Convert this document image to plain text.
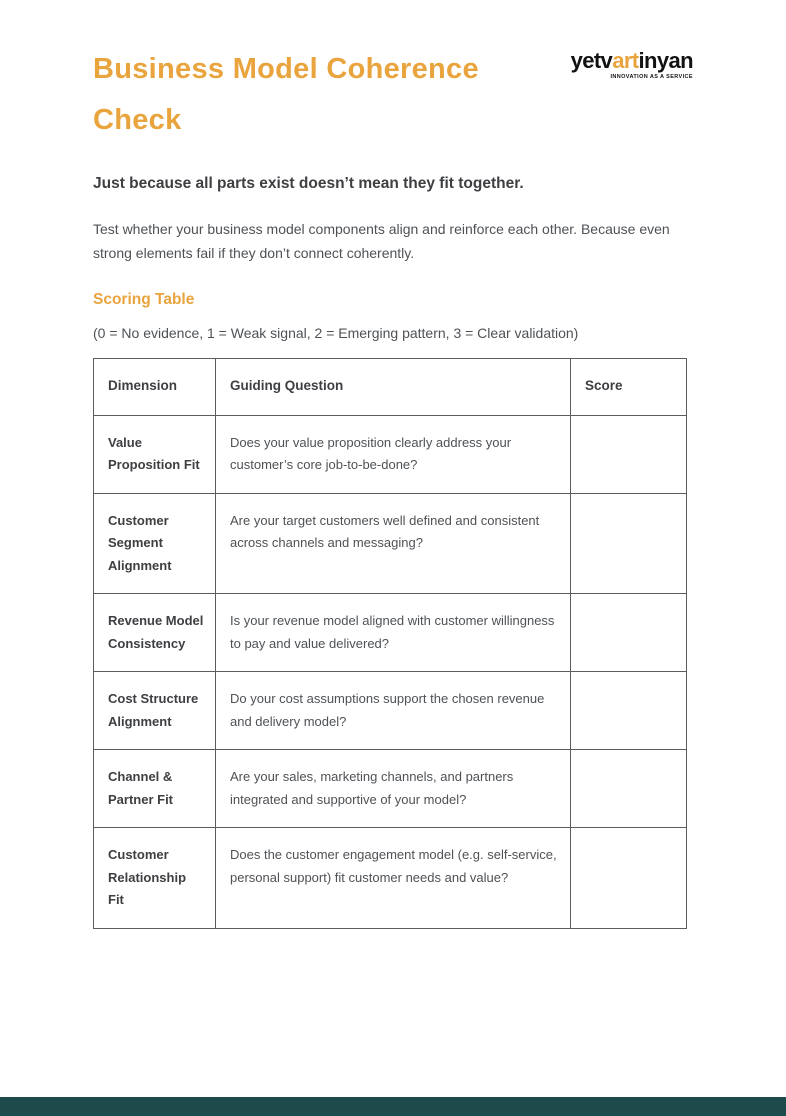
Business Model Coherence Check
yetvartinyan
INNOVATION AS A SERVICE

Just because all parts exist doesn’t mean they fit together.

Test whether your business model components align and reinforce each other. Because even strong elements fail if they don’t connect coherently.

Scoring Table

(0 = No evidence, 1 = Weak signal, 2 = Emerging pattern, 3 = Clear validation)

Dimension	Guiding Question	Score
Value Proposition Fit	Does your value proposition clearly address your customer’s core job-to-be-done?	
Customer Segment Alignment	Are your target customers well defined and consistent across channels and messaging?	
Revenue Model Consistency	Is your revenue model aligned with customer willingness to pay and value delivered?	
Cost Structure Alignment	Do your cost assumptions support the chosen revenue and delivery model?	
Channel & Partner Fit	Are your sales, marketing channels, and partners integrated and supportive of your model?	
Customer Relationship Fit	Does the customer engagement model (e.g. self-service, personal support) fit customer needs and value?	
